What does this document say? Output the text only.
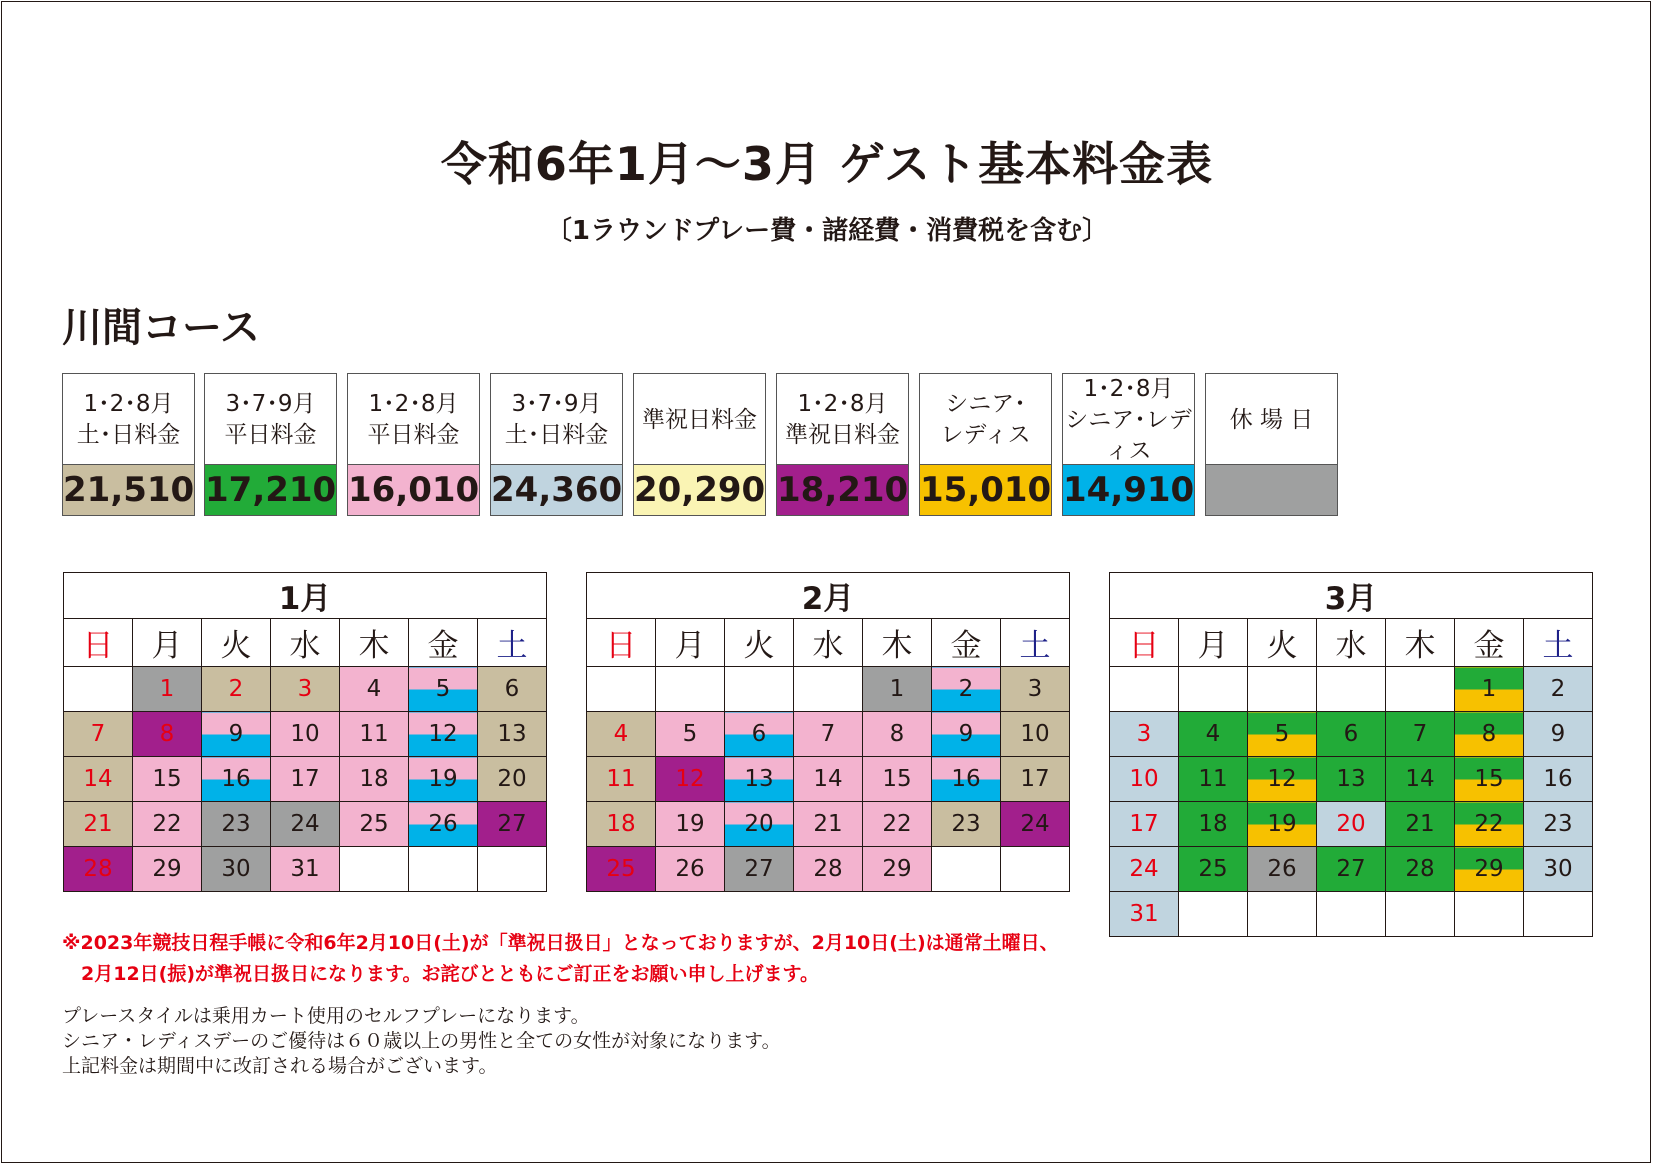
令和6年1月〜3月 ゲスト基本料金表
〔1ラウンドプレー費・諸経費・消費税を含む〕
川間コース
1･2･8月
土･日料金
21,510
3･7･9月
平日料金
17,210
1･2･8月
平日料金
16,010
3･7･9月
土･日料金
24,360
準祝日料金
20,290
1･2･8月
準祝日料金
18,210
シニア･
レディス
15,010
1･2･8月
シニア･レディス
14,910
休 場 日
1月						
日	月	火	水	木	金	土
	1	2	3	4	5	6
7	8	9	10	11	12	13
14	15	16	17	18	19	20
21	22	23	24	25	26	27
28	29	30	31			
2月						
日	月	火	水	木	金	土
				1	2	3
4	5	6	7	8	9	10
11	12	13	14	15	16	17
18	19	20	21	22	23	24
25	26	27	28	29		
3月						
日	月	火	水	木	金	土
					1	2
3	4	5	6	7	8	9
10	11	12	13	14	15	16
17	18	19	20	21	22	23
24	25	26	27	28	29	30
31						
※2023年競技日程手帳に令和6年2月10日(土)が「準祝日扱日」となっておりますが、2月10日(土)は通常土曜日、
　2月12日(振)が準祝日扱日になります。お詫びとともにご訂正をお願い申し上げます。
プレースタイルは乗用カート使用のセルフプレーになります。
シニア・レディスデーのご優待は６０歳以上の男性と全ての女性が対象になります。
上記料金は期間中に改訂される場合がございます。
